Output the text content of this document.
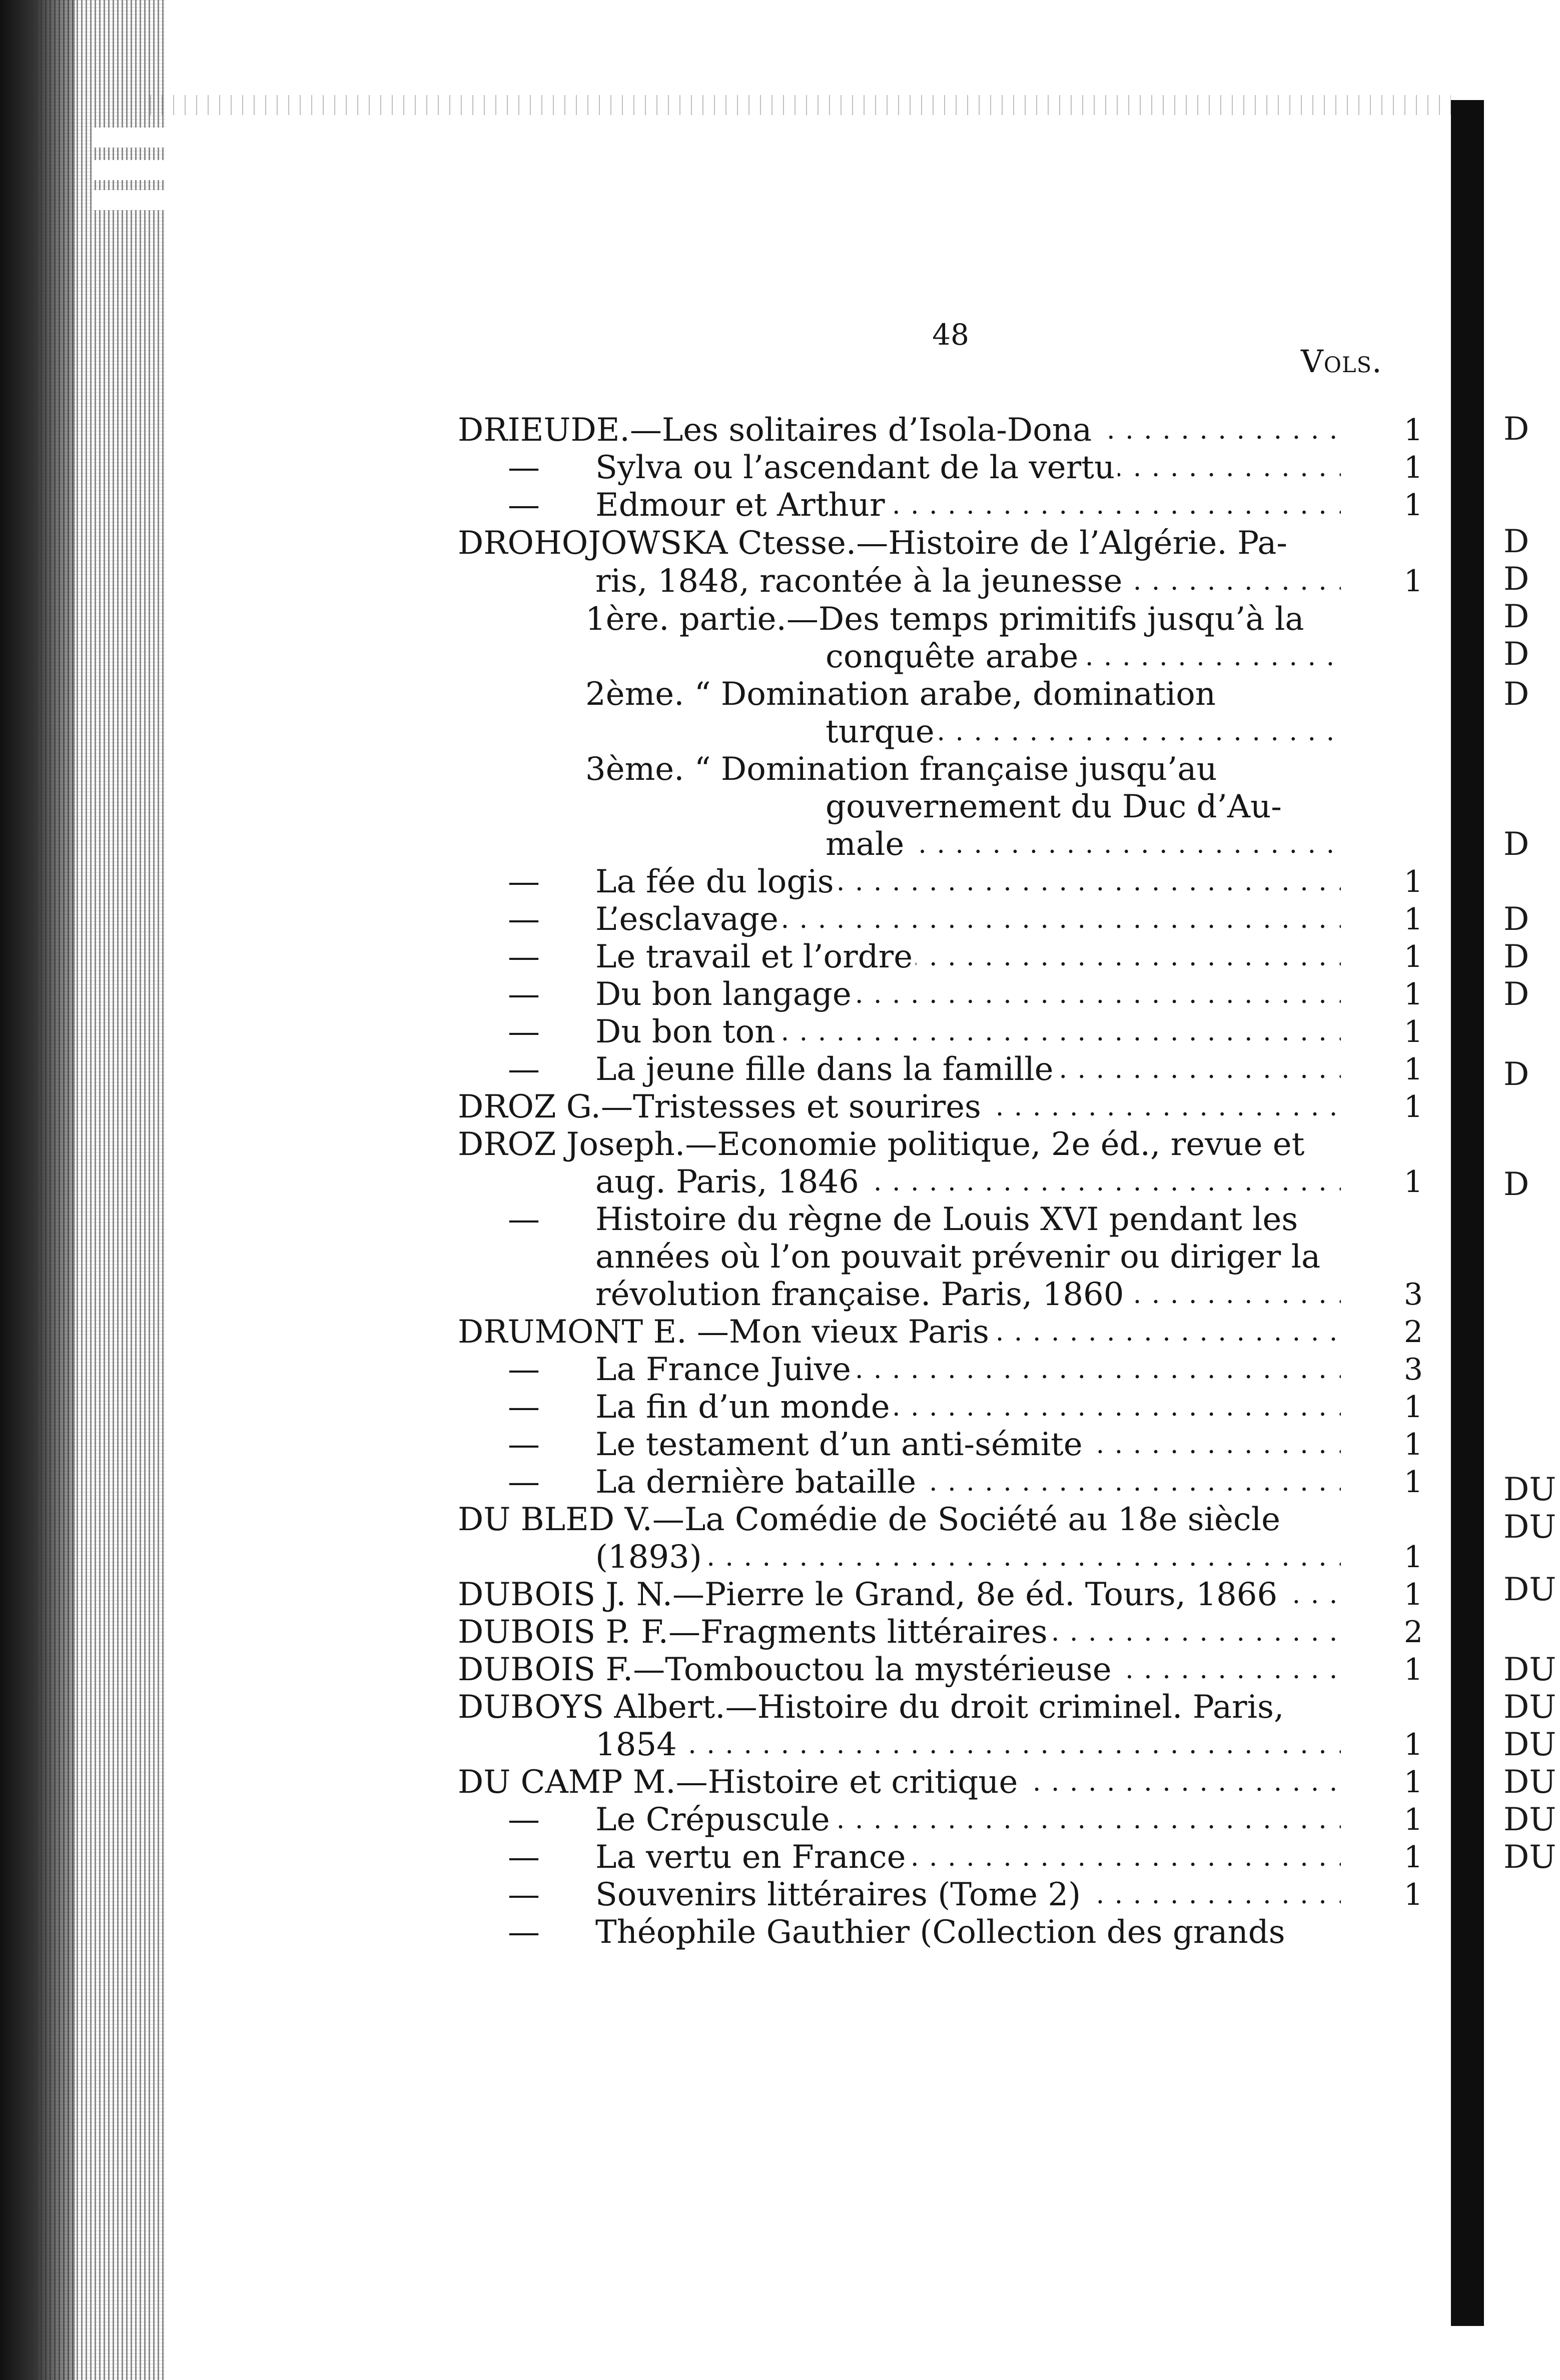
48
Vols.
DRIEUDE.—Les solitaires d’Isola-Dona . . .	1
—	Sylva ou l’ascendant de la vertu . . .	1
—	Edmour et Arthur . . .	1
DROHOJOWSKA Ctesse.—Histoire de l’Algérie. Pa-
ris, 1848, racontée à la jeunesse . . .	1
1ère. partie.—Des temps primitifs jusqu’à la
conquête arabe . . .
2ème. “ Domination arabe, domination
turque . . .
3ème. “ Domination française jusqu’au
gouvernement du Duc d’Au-
male . . .
—	La fée du logis . . .	1
—	L’esclavage . . .	1
—	Le travail et l’ordre . . .	1
—	Du bon langage . . .	1
—	Du bon ton . . .	1
—	La jeune fille dans la famille . . .	1
DROZ G.—Tristesses et sourires . . .	1
DROZ Joseph.—Economie politique, 2e éd., revue et
aug. Paris, 1846 . . .	1
—	Histoire du règne de Louis XVI pendant les
années où l’on pouvait prévenir ou diriger la
révolution française. Paris, 1860 . . .	3
DRUMONT E. —Mon vieux Paris . . .	2
—	La France Juive . . .	3
—	La fin d’un monde . . .	1
—	Le testament d’un anti-sémite . . .	1
—	La dernière bataille . . .	1
DU BLED V.—La Comédie de Société au 18e siècle
(1893) . . .	1
DUBOIS J. N.—Pierre le Grand, 8e éd. Tours, 1866 . . .	1
DUBOIS P. F.—Fragments littéraires . . .	2
DUBOIS F.—Tombouctou la mystérieuse . . .	1
DUBOYS Albert.—Histoire du droit criminel. Paris,
1854 . . .	1
DU CAMP M.—Histoire et critique . . .	1
—	Le Crépuscule . . .	1
—	La vertu en France . . .	1
—	Souvenirs littéraires (Tome 2) . . .	1
—	Théophile Gauthier (Collection des grands
D
D
D
D
D
D
D
D
D
D
D
D
DU
DU
DU
DU
DU
DU
DU
DU
DU
